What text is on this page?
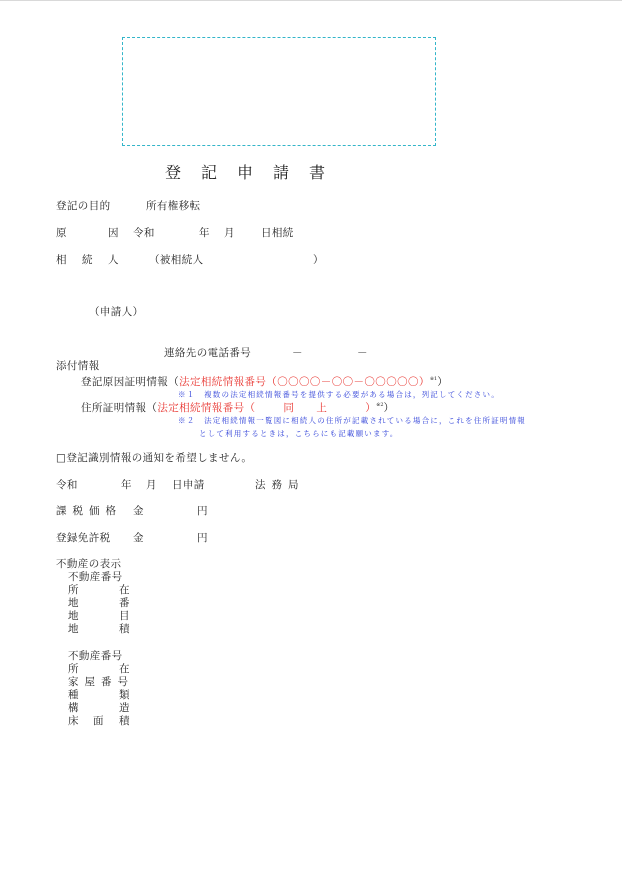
登記申請書
登記の目的	所有権移転
原	因 令和	年 月 日相続
相 続 人	（被相続人	）
（申請人）
連絡先の電話番号	－	－
添付情報
登記原因証明情報（法定相続情報番号（〇〇〇〇－〇〇－〇〇〇〇〇）$^{※1}$）
※１　複数の法定相続情報番号を提供する必要がある場合は，列記してください。
住所証明情報（法定相続情報番号（	同 上	）$^{※2}$）
※２　法定相続情報一覧図に相続人の住所が記載されている場合に，これを住所証明情報
として利用するときは，こちらにも記載願います。
□登記識別情報の通知を希望しません。
令和	年 月 日申請	法務局
課税価格 金	円
登録免許税 金	円
不動産の表示
不動産番号
所	在
地	番
地	目
地	積
不動産番号
所	在
家屋番号
種	類
構	造
床 面 積
